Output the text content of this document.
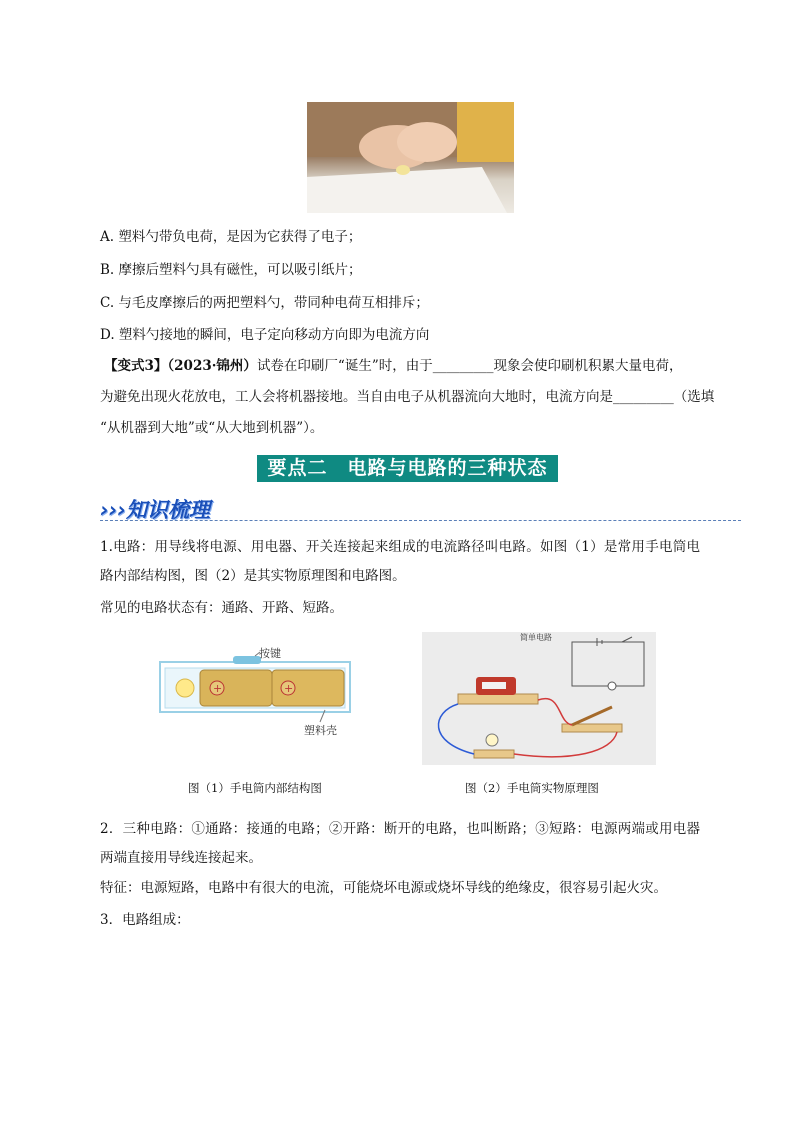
A. 塑料勺带负电荷，是因为它获得了电子；
B. 摩擦后塑料勺具有磁性，可以吸引纸片；
C. 与毛皮摩擦后的两把塑料勺，带同种电荷互相排斥；
D. 塑料勺接地的瞬间，电子定向移动方向即为电流方向
【变式3】（2023·锦州）试卷在印刷厂“诞生”时，由于_________现象会使印刷机积累大量电荷，
为避免出现火花放电，工人会将机器接地。当自由电子从机器流向大地时，电流方向是_________（选填
“从机器到大地”或“从大地到机器”）。
要点二　电路与电路的三种状态
›››知识梳理
1.电路：用导线将电源、用电器、开关连接起来组成的电流路径叫电路。如图（1）是常用手电筒电路内部结构图，图（2）是其实物原理图和电路图。
常见的电路状态有：通路、开路、短路。
+	+
按键
塑料壳
简单电路
图（1）手电筒内部结构图	图（2）手电筒实物原理图
2．三种电路：①通路：接通的电路；②开路：断开的电路，也叫断路；③短路：电源两端或用电器两端直接用导线连接起来。
特征：电源短路，电路中有很大的电流，可能烧坏电源或烧坏导线的绝缘皮，很容易引起火灾。
3．电路组成：
